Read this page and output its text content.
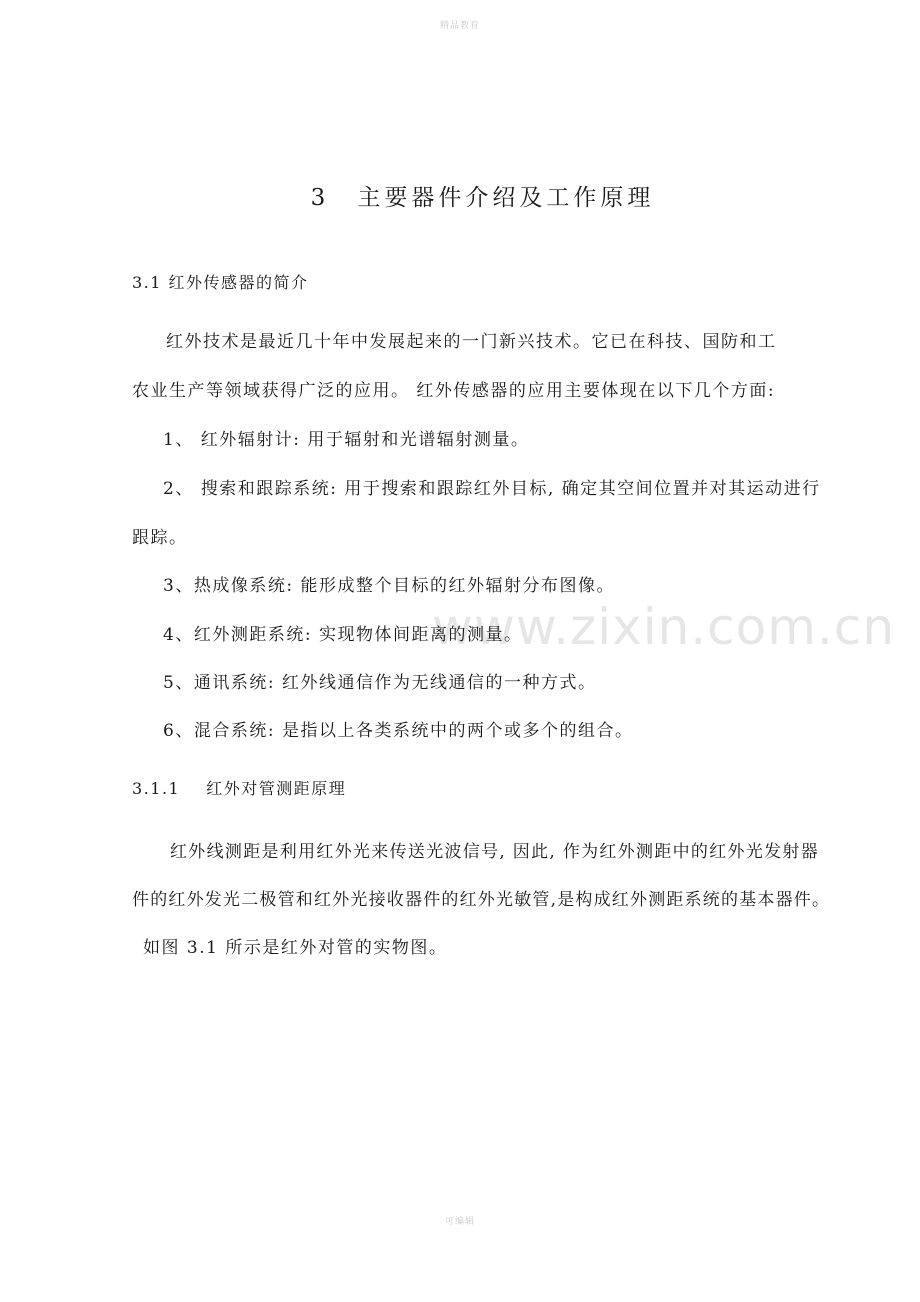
精品教育
www.zixin.com.cn
3 主要器件介绍及工作原理
3.1 红外传感器的简介
红外技术是最近几十年中发展起来的一门新兴技术。它已在科技、国防和工
农业生产等领域获得广泛的应用。 红外传感器的应用主要体现在以下几个方面:
1、 红外辐射计: 用于辐射和光谱辐射测量。
2、 搜索和跟踪系统: 用于搜索和跟踪红外目标, 确定其空间位置并对其运动进行
跟踪。
3、热成像系统: 能形成整个目标的红外辐射分布图像。
4、红外测距系统: 实现物体间距离的测量。
5、通讯系统: 红外线通信作为无线通信的一种方式。
6、混合系统: 是指以上各类系统中的两个或多个的组合。
3.1.1 红外对管测距原理
红外线测距是利用红外光来传送光波信号, 因此, 作为红外测距中的红外光发射器
件的红外发光二极管和红外光接收器件的红外光敏管,是构成红外测距系统的基本器件。
如图 3.1 所示是红外对管的实物图。
可编辑
